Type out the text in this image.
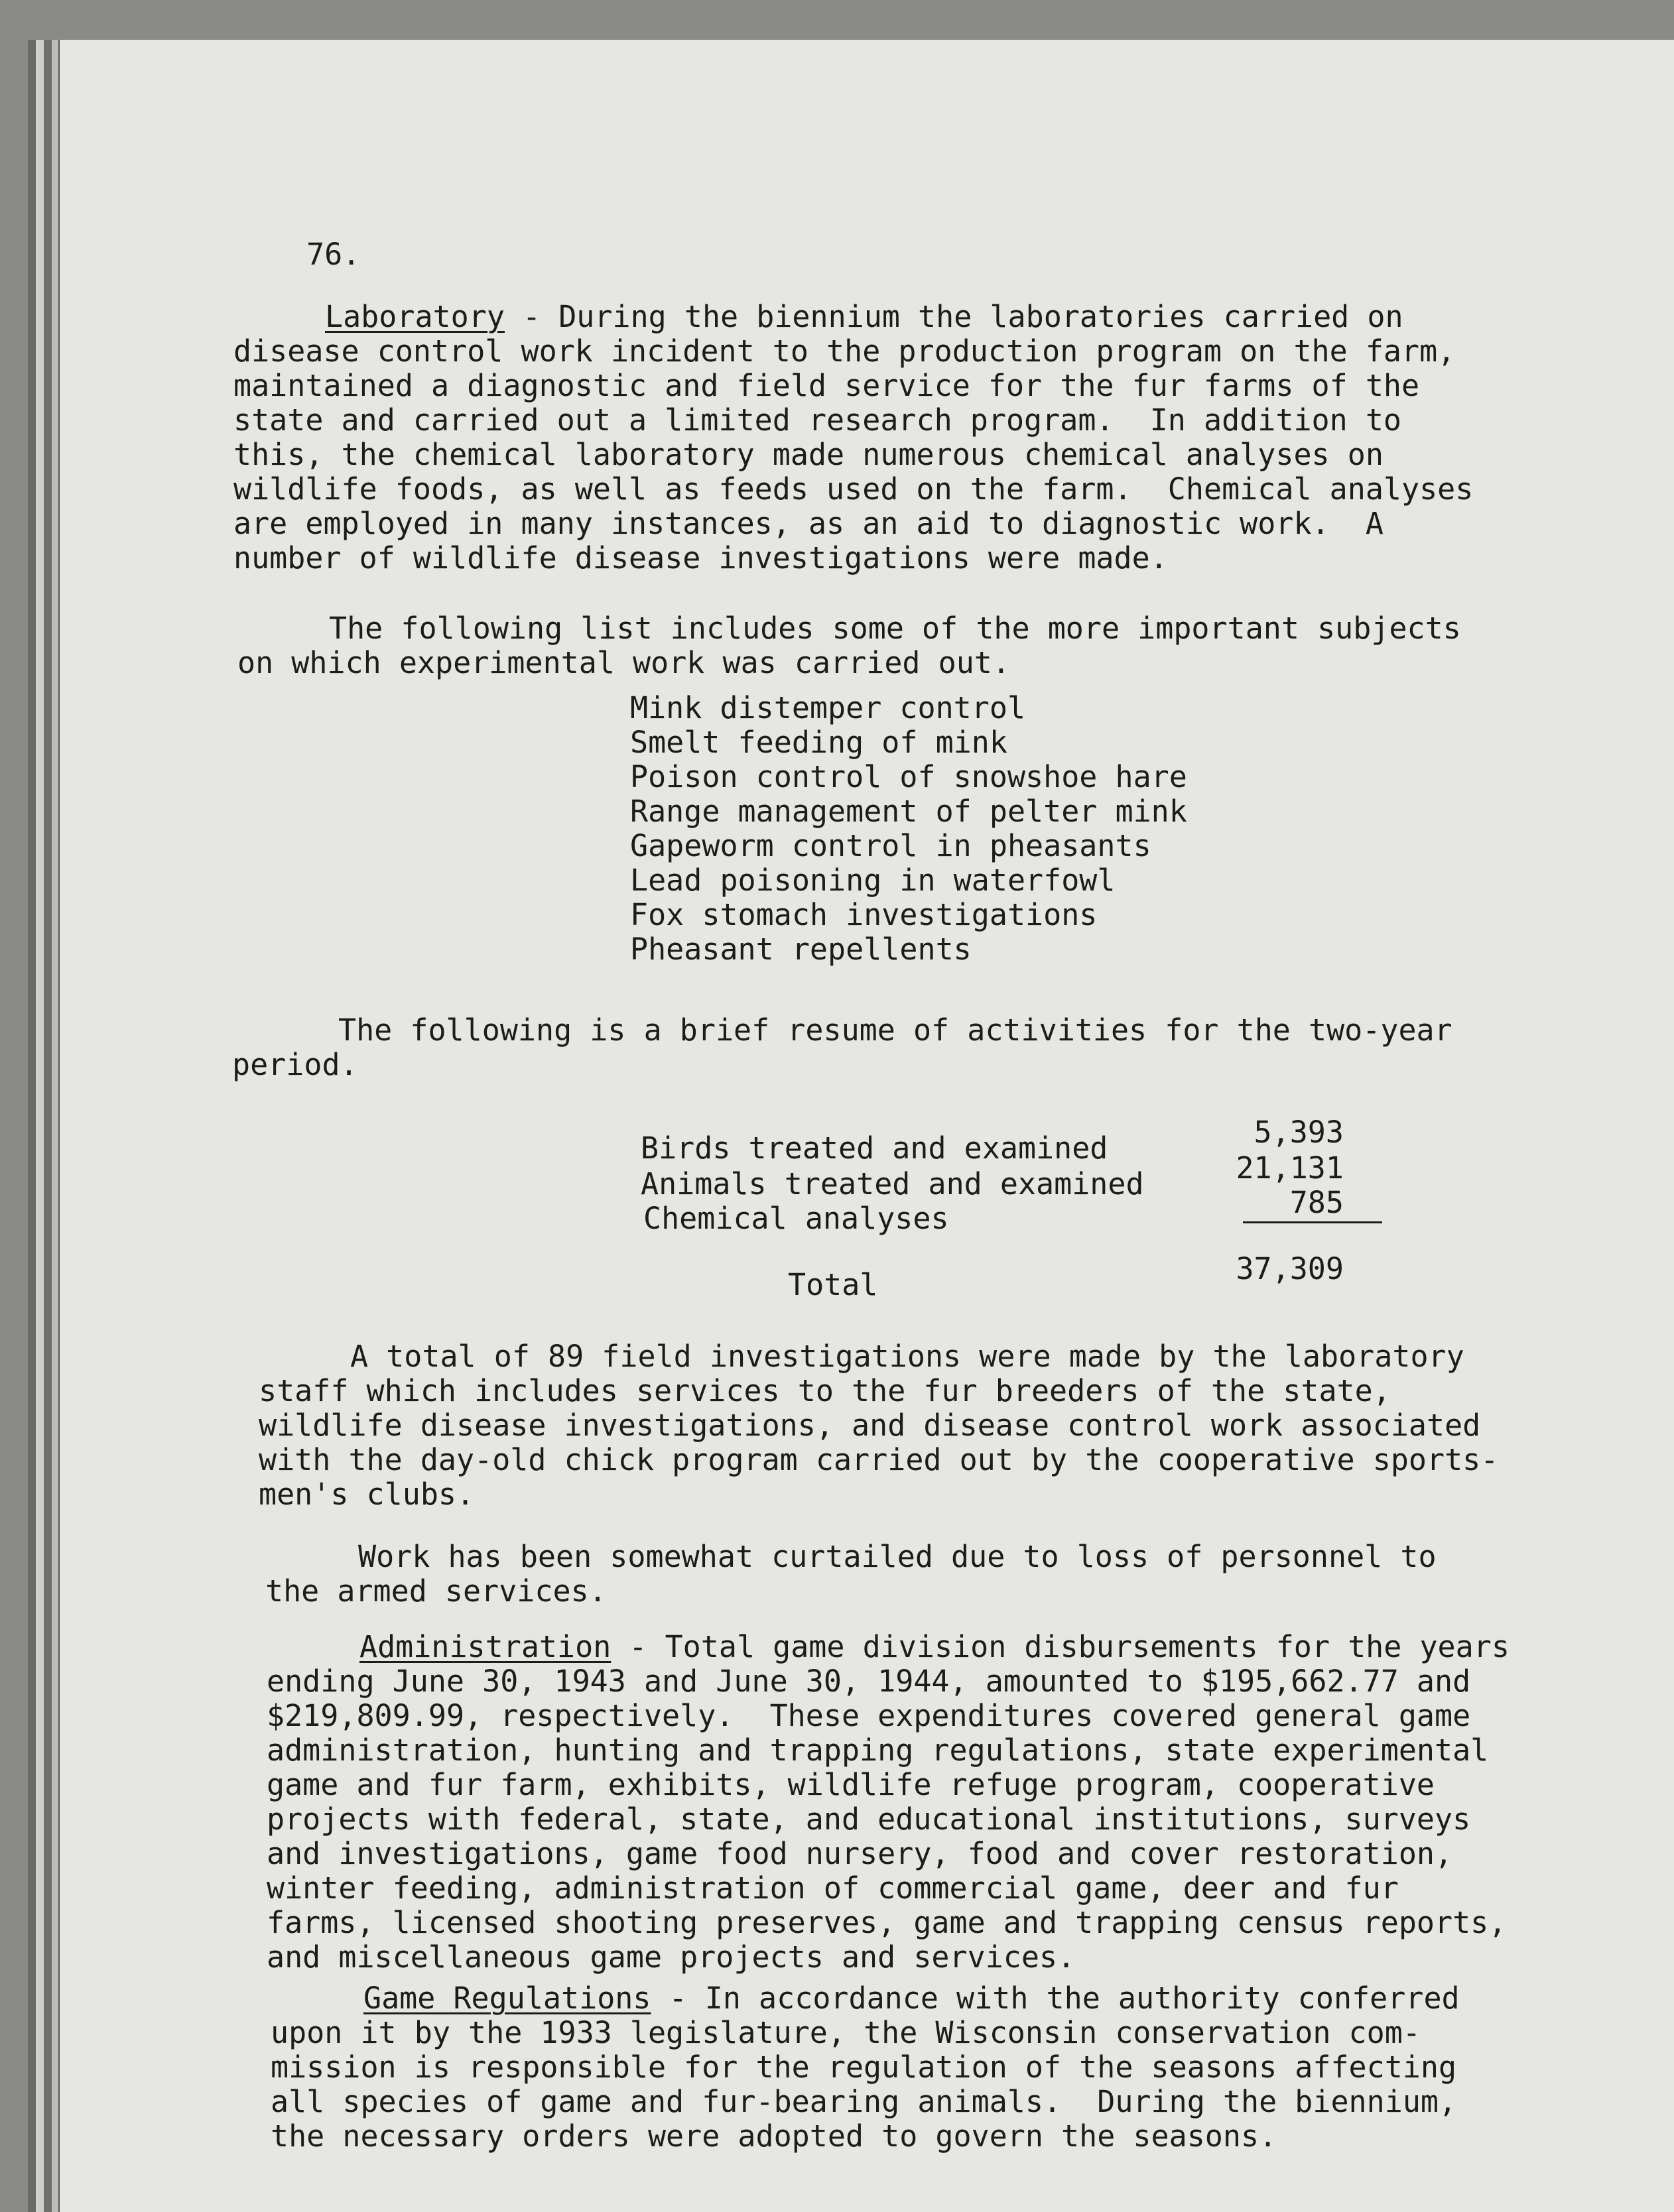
76.
Laboratory - During the biennium the laboratories carried on
disease control work incident to the production program on the farm,
maintained a diagnostic and field service for the fur farms of the
state and carried out a limited research program.  In addition to
this, the chemical laboratory made numerous chemical analyses on
wildlife foods, as well as feeds used on the farm.  Chemical analyses
are employed in many instances, as an aid to diagnostic work.  A
number of wildlife disease investigations were made.
The following list includes some of the more important subjects
on which experimental work was carried out.
Mink distemper control
Smelt feeding of mink
Poison control of snowshoe hare
Range management of pelter mink
Gapeworm control in pheasants
Lead poisoning in waterfowl
Fox stomach investigations
Pheasant repellents
The following is a brief resume of activities for the two-year
period.
Birds treated and examined	5,393
Animals treated and examined	21,131
Chemical analyses	785
Total	37,309
A total of 89 field investigations were made by the laboratory
staff which includes services to the fur breeders of the state,
wildlife disease investigations, and disease control work associated
with the day-old chick program carried out by the cooperative sports-
men's clubs.
Work has been somewhat curtailed due to loss of personnel to
the armed services.
Administration - Total game division disbursements for the years
ending June 30, 1943 and June 30, 1944, amounted to $195,662.77 and
$219,809.99, respectively.  These expenditures covered general game
administration, hunting and trapping regulations, state experimental
game and fur farm, exhibits, wildlife refuge program, cooperative
projects with federal, state, and educational institutions, surveys
and investigations, game food nursery, food and cover restoration,
winter feeding, administration of commercial game, deer and fur
farms, licensed shooting preserves, game and trapping census reports,
and miscellaneous game projects and services.
Game Regulations - In accordance with the authority conferred
upon it by the 1933 legislature, the Wisconsin conservation com-
mission is responsible for the regulation of the seasons affecting
all species of game and fur-bearing animals.  During the biennium,
the necessary orders were adopted to govern the seasons.
